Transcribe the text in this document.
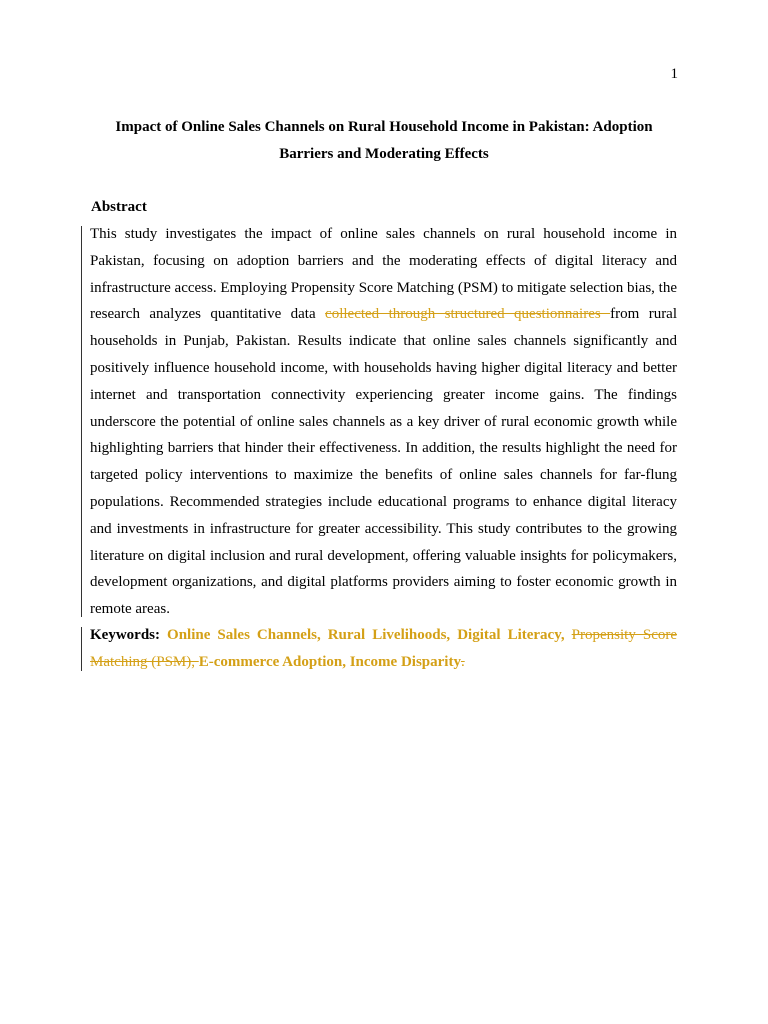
1
Impact of Online Sales Channels on Rural Household Income in Pakistan: Adoption Barriers and Moderating Effects
Abstract

This study investigates the impact of online sales channels on rural household income in Pakistan, focusing on adoption barriers and the moderating effects of digital literacy and infrastructure access. Employing Propensity Score Matching (PSM) to mitigate selection bias, the research analyzes quantitative data collected through structured questionnaires from rural households in Punjab, Pakistan. Results indicate that online sales channels significantly and positively influence household income, with households having higher digital literacy and better internet and transportation connectivity experiencing greater income gains. The findings underscore the potential of online sales channels as a key driver of rural economic growth while highlighting barriers that hinder their effectiveness. In addition, the results highlight the need for targeted policy interventions to maximize the benefits of online sales channels for far-flung populations. Recommended strategies include educational programs to enhance digital literacy and investments in infrastructure for greater accessibility. This study contributes to the growing literature on digital inclusion and rural development, offering valuable insights for policymakers, development organizations, and digital platforms providers aiming to foster economic growth in remote areas.

Keywords: Online Sales Channels, Rural Livelihoods, Digital Literacy, Propensity Score Matching (PSM), E-commerce Adoption, Income Disparity.
